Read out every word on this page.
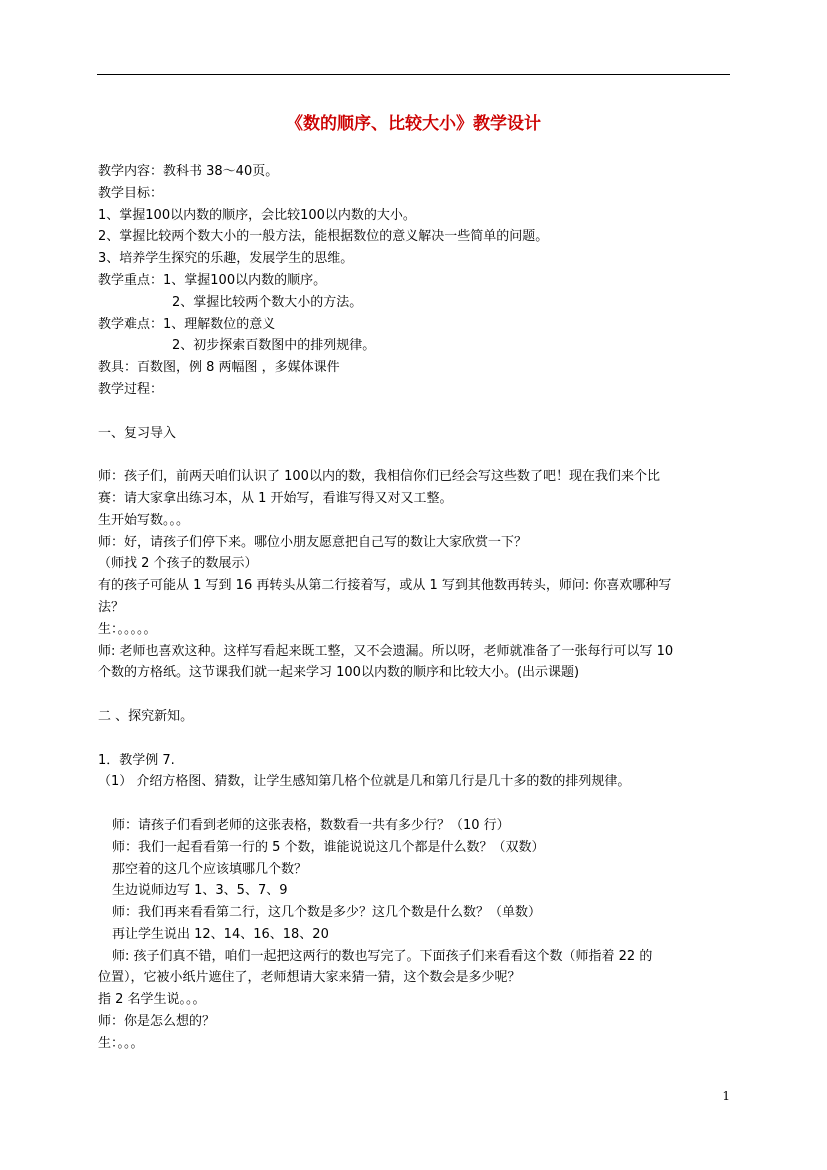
《数的顺序、比较大小》教学设计
教学内容：教科书 38～40页。
教学目标：
1、掌握100以内数的顺序，会比较100以内数的大小。
2、掌握比较两个数大小的一般方法，能根据数位的意义解决一些简单的问题。
3、培养学生探究的乐趣，发展学生的思维。
教学重点：1、掌握100以内数的顺序。
2、掌握比较两个数大小的方法。
教学难点：1、理解数位的意义
2、初步探索百数图中的排列规律。
教具：百数图，例 8 两幅图 ，多媒体课件
教学过程：
一、复习导入
师：孩子们，前两天咱们认识了 100以内的数，我相信你们已经会写这些数了吧！现在我们来个比
赛：请大家拿出练习本，从 1 开始写，看谁写得又对又工整。
生开始写数。。。
师：好，请孩子们停下来。哪位小朋友愿意把自己写的数让大家欣赏一下？
（师找 2 个孩子的数展示）
有的孩子可能从 1 写到 16 再转头从第二行接着写，或从 1 写到其他数再转头，师问: 你喜欢哪种写
法？
生：。。。。。
师: 老师也喜欢这种。这样写看起来既工整，又不会遗漏。所以呀，老师就准备了一张每行可以写 10
个数的方格纸。这节课我们就一起来学习 100以内数的顺序和比较大小。(出示课题)
二 、探究新知。
1．教学例 7.
（1） 介绍方格图、猜数，让学生感知第几格个位就是几和第几行是几十多的数的排列规律。
师：请孩子们看到老师的这张表格，数数看一共有多少行？（10 行）
师：我们一起看看第一行的 5 个数，谁能说说这几个都是什么数？（双数）
那空着的这几个应该填哪几个数？
生边说师边写 1、3、5、7、9
师：我们再来看看第二行，这几个数是多少？这几个数是什么数？（单数）
再让学生说出 12、14、16、18、20
师: 孩子们真不错，咱们一起把这两行的数也写完了。下面孩子们来看看这个数（师指着 22 的
位置），它被小纸片遮住了，老师想请大家来猜一猜，这个数会是多少呢？
指 2 名学生说。。。
师：你是怎么想的？
生：。。。
1
